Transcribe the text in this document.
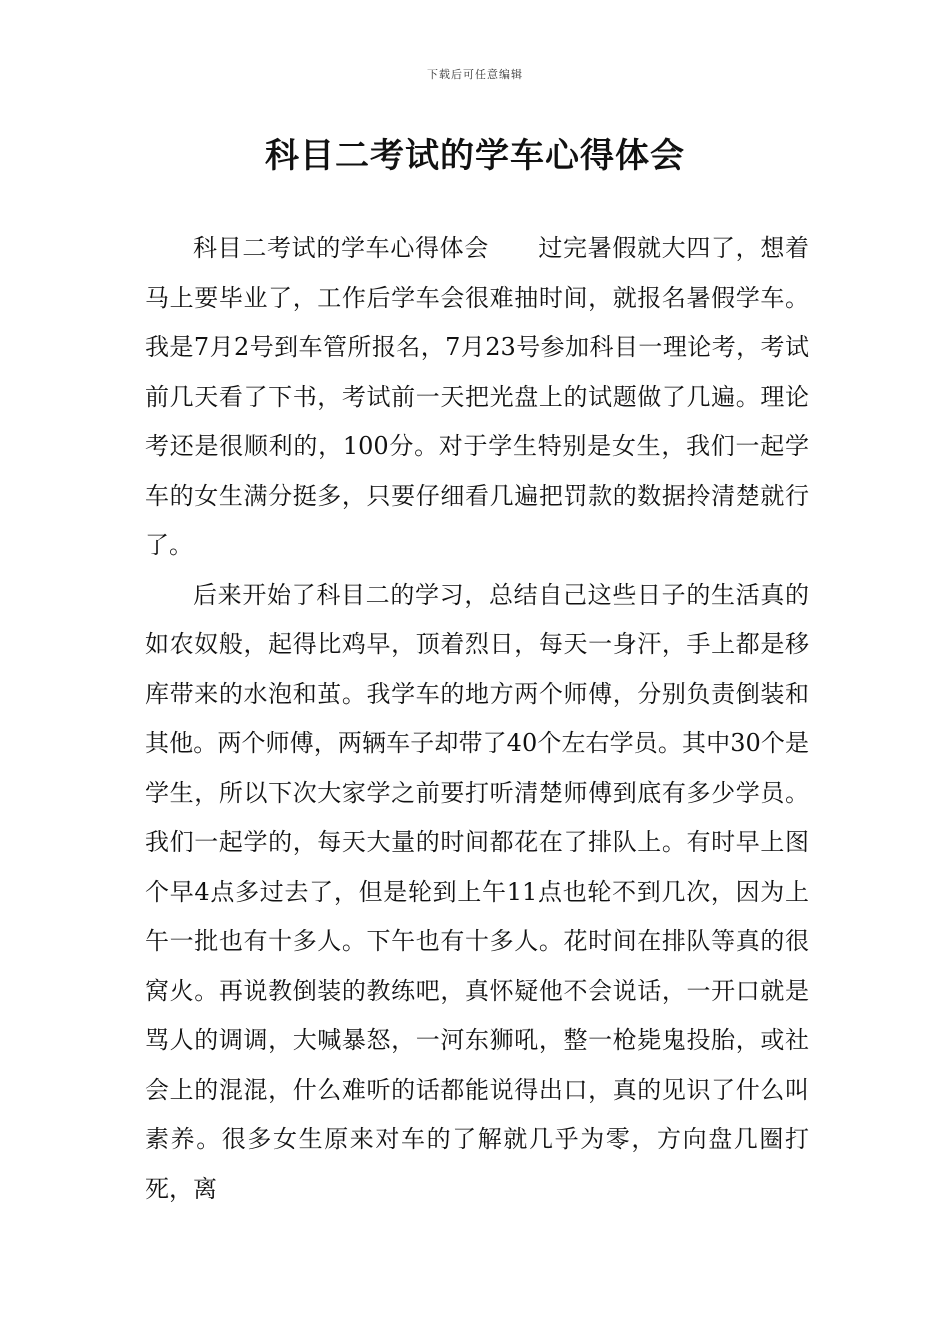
下载后可任意编辑
科目二考试的学车心得体会

科目二考试的学车心得体会　　过完暑假就大四了，想着马上要毕业了，工作后学车会很难抽时间，就报名暑假学车。我是7月2号到车管所报名，7月23号参加科目一理论考，考试前几天看了下书，考试前一天把光盘上的试题做了几遍。理论考还是很顺利的，100分。对于学生特别是女生，我们一起学车的女生满分挺多，只要仔细看几遍把罚款的数据拎清楚就行了。

后来开始了科目二的学习，总结自己这些日子的生活真的如农奴般，起得比鸡早，顶着烈日，每天一身汗，手上都是移库带来的水泡和茧。我学车的地方两个师傅，分别负责倒装和其他。两个师傅，两辆车子却带了40个左右学员。其中30个是学生，所以下次大家学之前要打听清楚师傅到底有多少学员。我们一起学的，每天大量的时间都花在了排队上。有时早上图个早4点多过去了，但是轮到上午11点也轮不到几次，因为上午一批也有十多人。下午也有十多人。花时间在排队等真的很窝火。再说教倒装的教练吧，真怀疑他不会说话，一开口就是骂人的调调，大喊暴怒，一河东狮吼，整一枪毙鬼投胎，或社会上的混混，什么难听的话都能说得出口，真的见识了什么叫素养。很多女生原来对车的了解就几乎为零，方向盘几圈打死，离
